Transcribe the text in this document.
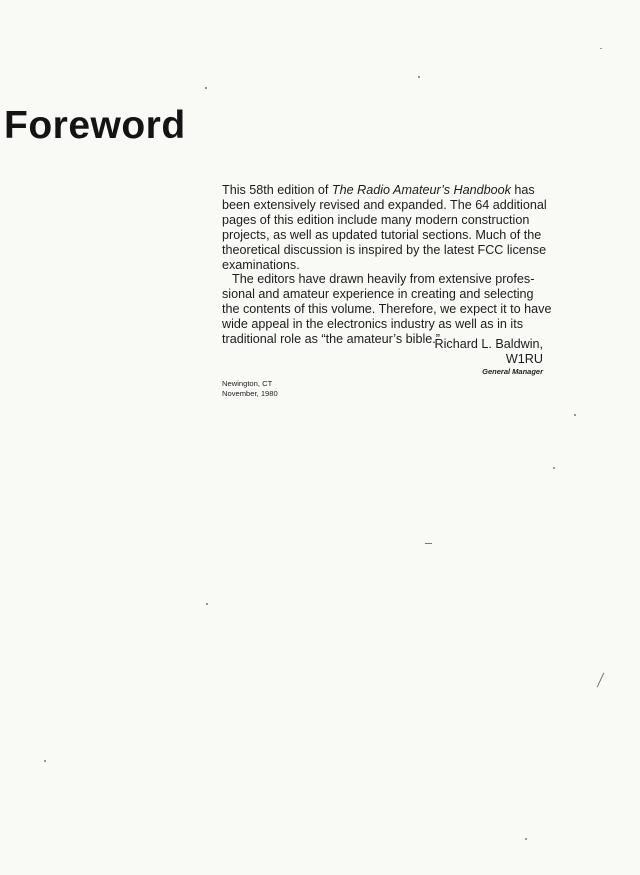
Foreword

This 58th edition of The Radio Amateur’s Handbook has been extensively revised and expanded. The 64 additional pages of this edition include many modern construction projects, as well as updated tutorial sections. Much of the theoretical discussion is inspired by the latest FCC license examinations.

The editors have drawn heavily from extensive profes-sional and amateur experience in creating and selecting the contents of this volume. Therefore, we expect it to have wide appeal in the electronics industry as well as in its traditional role as “the amateur’s bible.”

Richard L. Baldwin, W1RU
General Manager
Newington, CT
November, 1980
